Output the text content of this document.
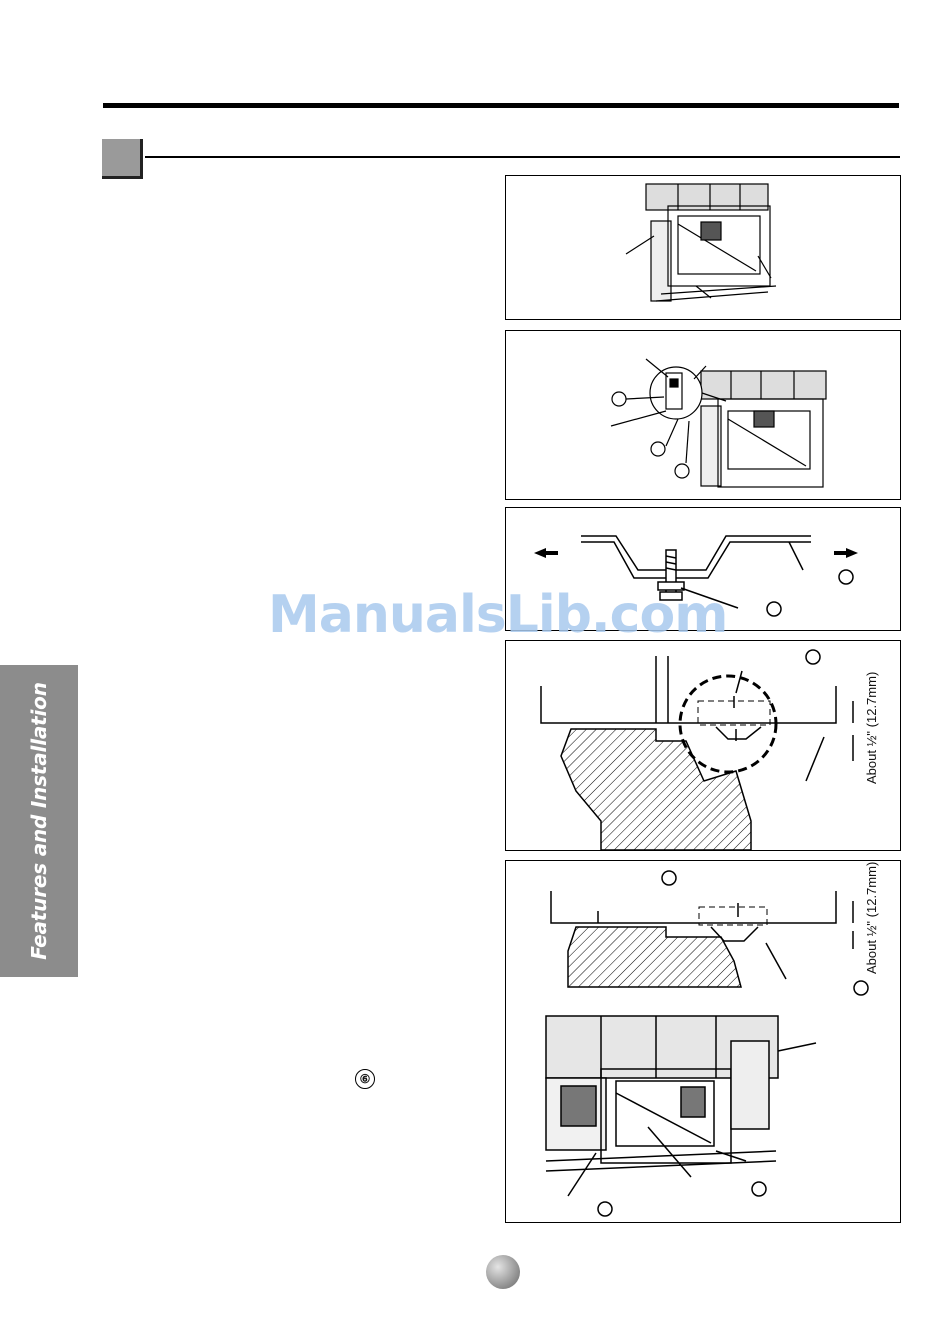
Features and Installation	About ½" (12.7mm)
About ½" (12.7mm)
ManualsLib.com
⑥
